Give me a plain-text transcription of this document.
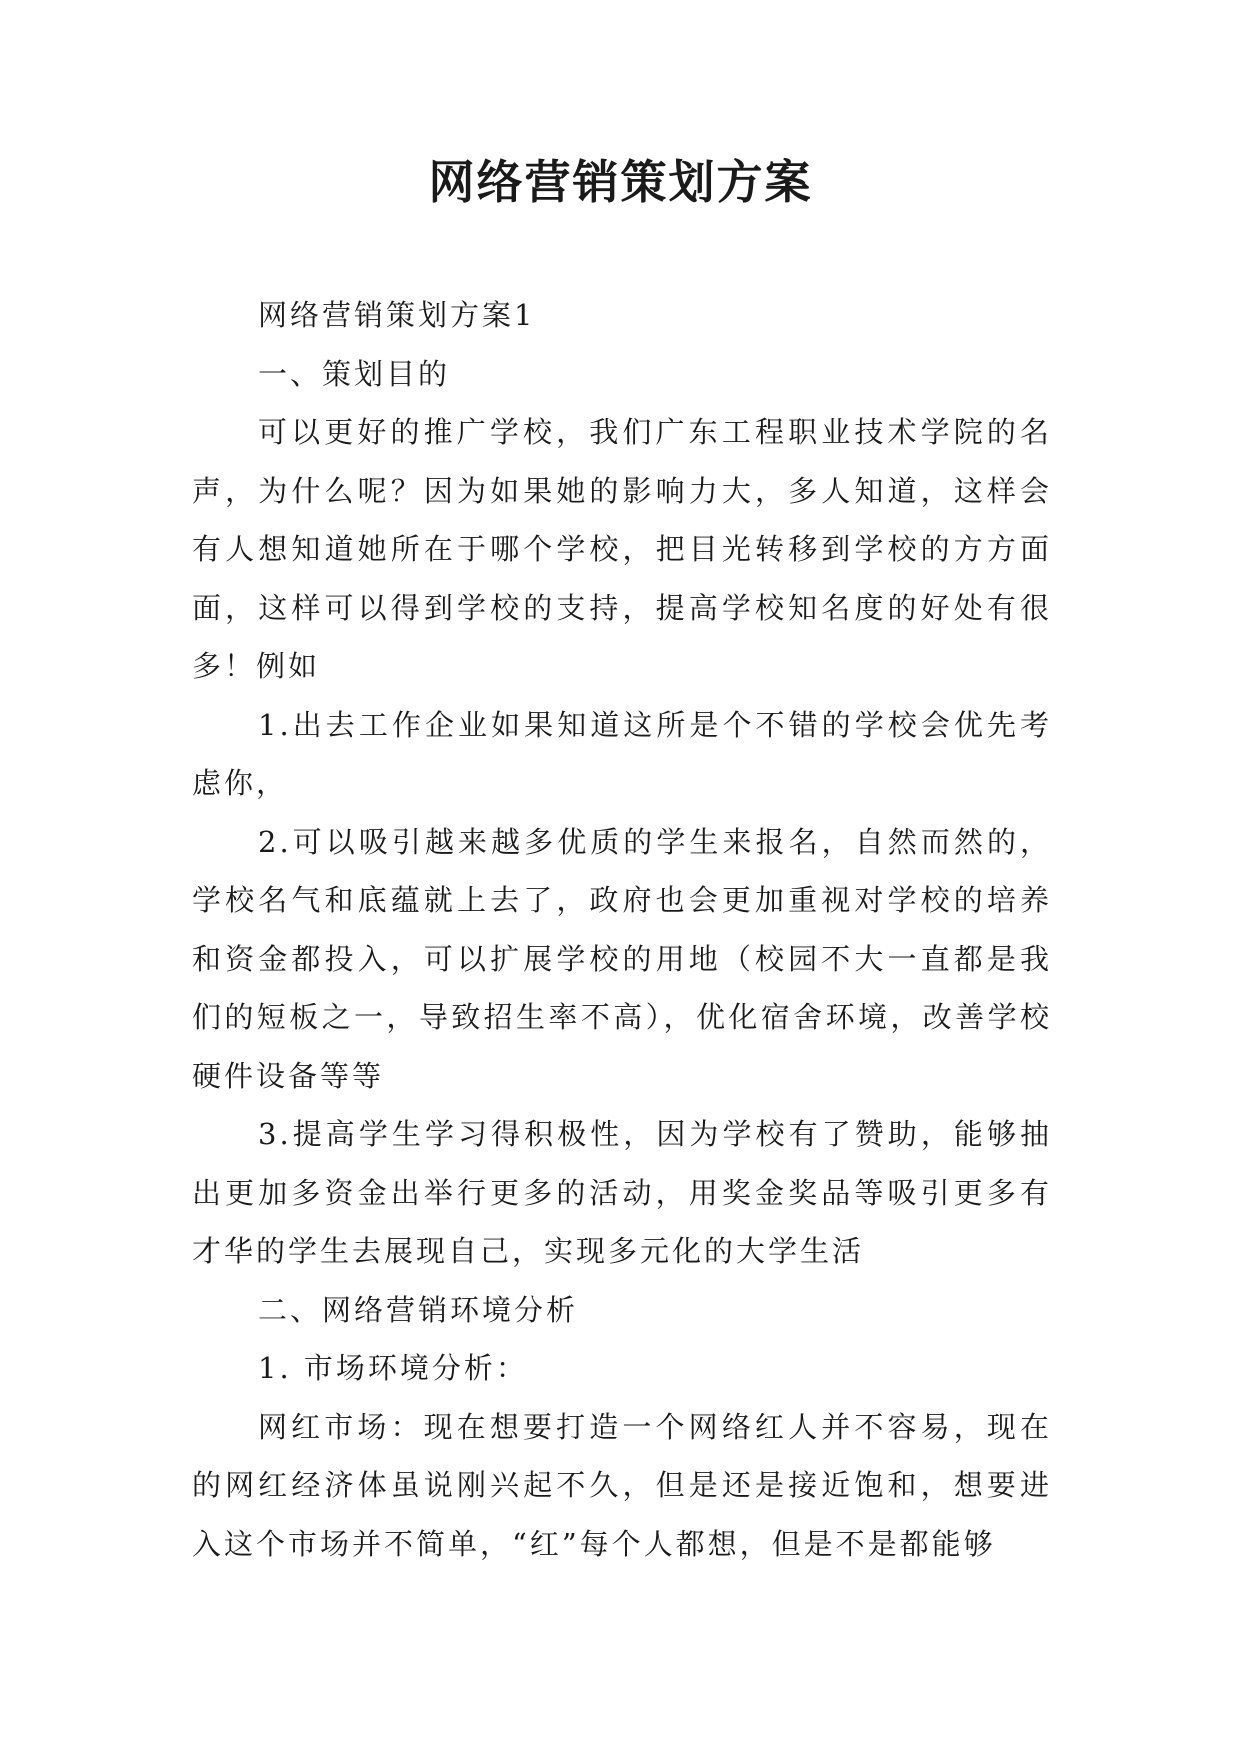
网络营销策划方案

网络营销策划方案1

一、策划目的

可以更好的推广学校，我们广东工程职业技术学院的名声，为什么呢？因为如果她的影响力大，多人知道，这样会有人想知道她所在于哪个学校，把目光转移到学校的方方面面，这样可以得到学校的支持，提高学校知名度的好处有很多！例如

1.出去工作企业如果知道这所是个不错的学校会优先考虑你，

2.可以吸引越来越多优质的学生来报名，自然而然的，学校名气和底蕴就上去了，政府也会更加重视对学校的培养和资金都投入，可以扩展学校的用地（校园不大一直都是我们的短板之一，导致招生率不高），优化宿舍环境，改善学校硬件设备等等

3.提高学生学习得积极性，因为学校有了赞助，能够抽出更加多资金出举行更多的活动，用奖金奖品等吸引更多有才华的学生去展现自己，实现多元化的大学生活

二、网络营销环境分析

1. 市场环境分析：

网红市场：现在想要打造一个网络红人并不容易，现在的网红经济体虽说刚兴起不久，但是还是接近饱和，想要进入这个市场并不简单，“红”每个人都想，但是不是都能够
